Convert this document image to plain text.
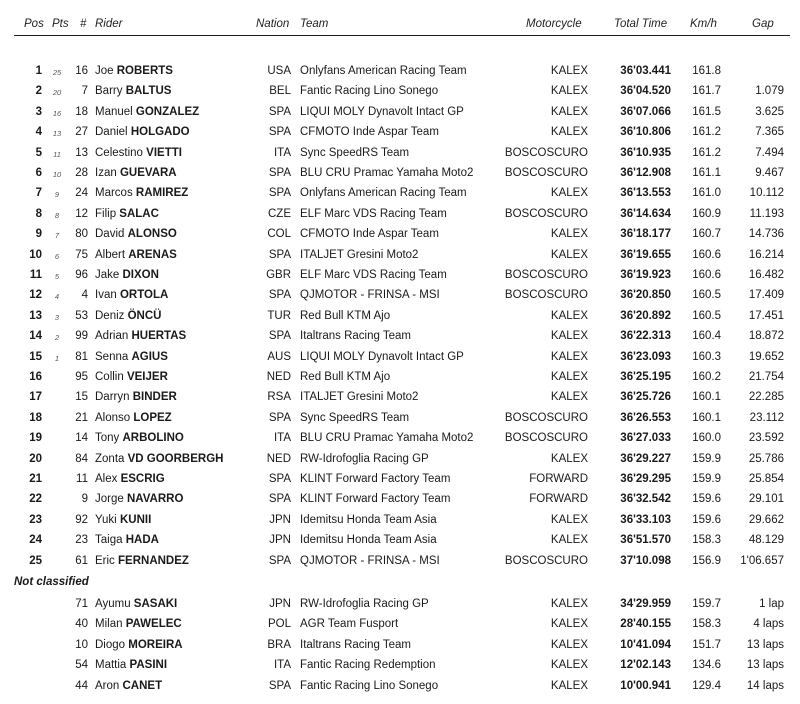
Pos Pts # Rider	Nation Team	Motorcycle	Total Time Km/h	Gap
1	25	16 Joe ROBERTS	USA Onlyfans American Racing Team	KALEX	36'03.441	161.8
2	20	7 Barry BALTUS	BEL Fantic Racing Lino Sonego	KALEX	36'04.520	161.7	1.079
3	16	18 Manuel GONZALEZ	SPA LIQUI MOLY Dynavolt Intact GP	KALEX	36'07.066	161.5	3.625
4	13	27 Daniel HOLGADO	SPA CFMOTO Inde Aspar Team	KALEX	36'10.806	161.2	7.365
5	11	13 Celestino VIETTI	ITA Sync SpeedRS Team	BOSCOSCURO	36'10.935	161.2	7.494
6	10	28 Izan GUEVARA	SPA BLU CRU Pramac Yamaha Moto2	BOSCOSCURO	36'12.908	161.1	9.467
7	9	24 Marcos RAMIREZ	SPA Onlyfans American Racing Team	KALEX	36'13.553	161.0	10.112
8	8	12 Filip SALAC	CZE ELF Marc VDS Racing Team	BOSCOSCURO	36'14.634	160.9	11.193
9	7	80 David ALONSO	COL CFMOTO Inde Aspar Team	KALEX	36'18.177	160.7	14.736
10	6	75 Albert ARENAS	SPA ITALJET Gresini Moto2	KALEX	36'19.655	160.6	16.214
11	5	96 Jake DIXON	GBR ELF Marc VDS Racing Team	BOSCOSCURO	36'19.923	160.6	16.482
12	4	4 Ivan ORTOLA	SPA QJMOTOR - FRINSA - MSI	BOSCOSCURO	36'20.850	160.5	17.409
13	3	53 Deniz ÖNCÜ	TUR Red Bull KTM Ajo	KALEX	36'20.892	160.5	17.451
14	2	99 Adrian HUERTAS	SPA Italtrans Racing Team	KALEX	36'22.313	160.4	18.872
15	1	81 Senna AGIUS	AUS LIQUI MOLY Dynavolt Intact GP	KALEX	36'23.093	160.3	19.652
16	95 Collin VEIJER	NED Red Bull KTM Ajo	KALEX	36'25.195	160.2	21.754
17	15 Darryn BINDER	RSA ITALJET Gresini Moto2	KALEX	36'25.726	160.1	22.285
18	21 Alonso LOPEZ	SPA Sync SpeedRS Team	BOSCOSCURO	36'26.553	160.1	23.112
19	14 Tony ARBOLINO	ITA BLU CRU Pramac Yamaha Moto2	BOSCOSCURO	36'27.033	160.0	23.592
20	84 Zonta VD GOORBERGH	NED RW-Idrofoglia Racing GP	KALEX	36'29.227	159.9	25.786
21	11 Alex ESCRIG	SPA KLINT Forward Factory Team	FORWARD	36'29.295	159.9	25.854
22	9 Jorge NAVARRO	SPA KLINT Forward Factory Team	FORWARD	36'32.542	159.6	29.101
23	92 Yuki KUNII	JPN Idemitsu Honda Team Asia	KALEX	36'33.103	159.6	29.662
24	23 Taiga HADA	JPN Idemitsu Honda Team Asia	KALEX	36'51.570	158.3	48.129
25	61 Eric FERNANDEZ	SPA QJMOTOR - FRINSA - MSI	BOSCOSCURO	37'10.098	156.9	1'06.657
Not classified
71 Ayumu SASAKI	JPN RW-Idrofoglia Racing GP	KALEX	34'29.959	159.7	1 lap
40 Milan PAWELEC	POL AGR Team Fusport	KALEX	28'40.155	158.3	4 laps
10 Diogo MOREIRA	BRA Italtrans Racing Team	KALEX	10'41.094	151.7	13 laps
54 Mattia PASINI	ITA Fantic Racing Redemption	KALEX	12'02.143	134.6	13 laps
44 Aron CANET	SPA Fantic Racing Lino Sonego	KALEX	10'00.941	129.4	14 laps
